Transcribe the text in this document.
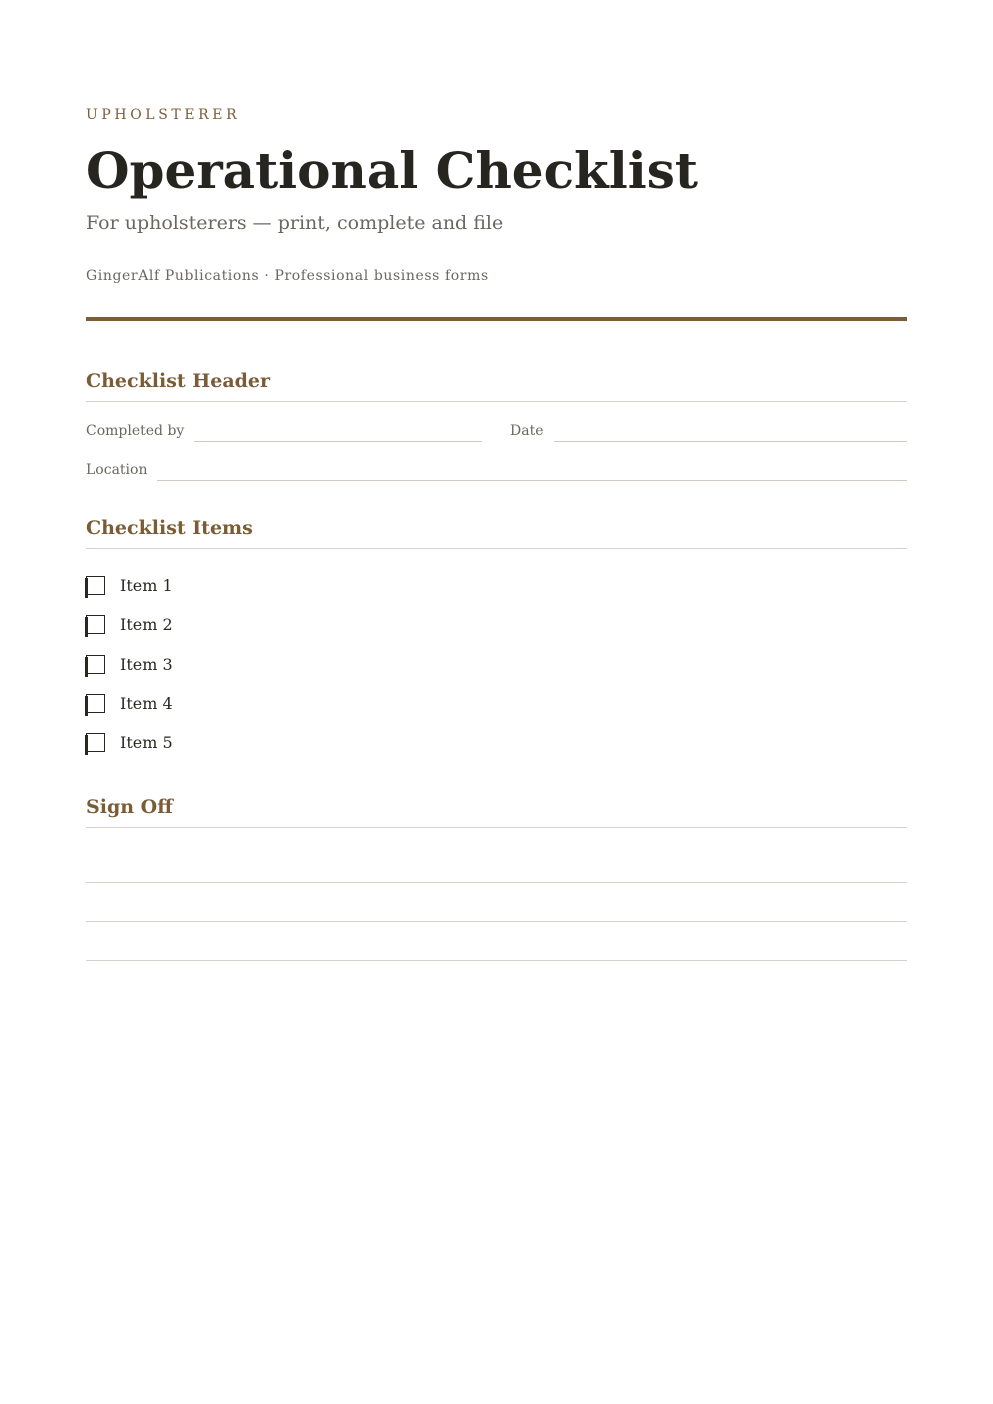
UPHOLSTERER
Operational Checklist
For upholsterers — print, complete and file
GingerAlf Publications · Professional business forms
Checklist Header
Completed by	Date
Location
Checklist Items
Item 1
Item 2
Item 3
Item 4
Item 5
Sign Off
